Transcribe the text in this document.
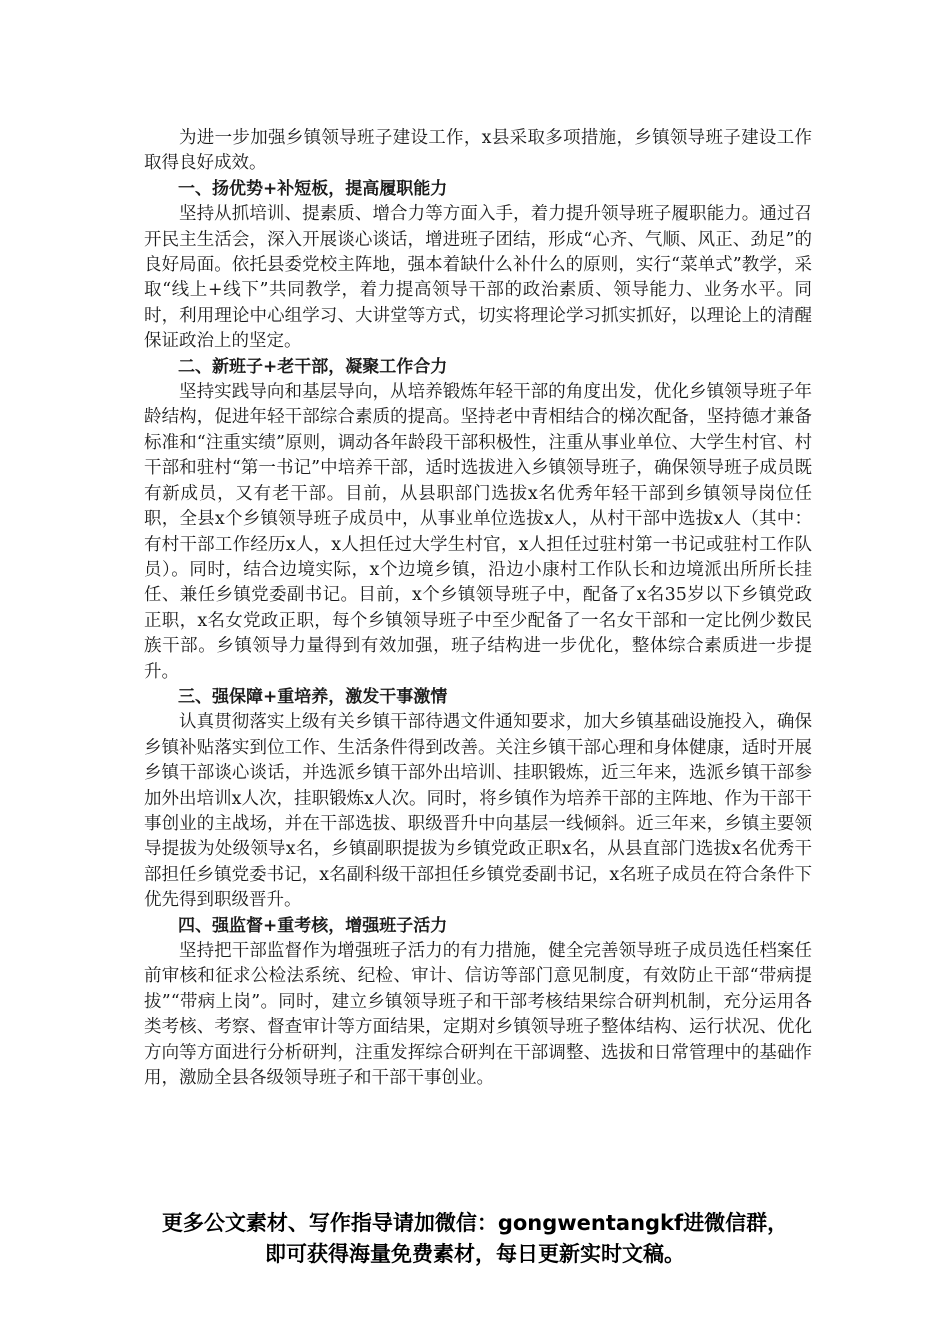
为进一步加强乡镇领导班子建设工作，x县采取多项措施，乡镇领导班子建设工作取得良好成效。

一、扬优势+补短板，提高履职能力

坚持从抓培训、提素质、增合力等方面入手，着力提升领导班子履职能力。通过召开民主生活会，深入开展谈心谈话，增进班子团结，形成“心齐、气顺、风正、劲足”的良好局面。依托县委党校主阵地，强本着缺什么补什么的原则，实行“菜单式”教学，采取“线上+线下”共同教学，着力提高领导干部的政治素质、领导能力、业务水平。同时，利用理论中心组学习、大讲堂等方式，切实将理论学习抓实抓好，以理论上的清醒保证政治上的坚定。

二、新班子+老干部，凝聚工作合力

坚持实践导向和基层导向，从培养锻炼年轻干部的角度出发，优化乡镇领导班子年龄结构，促进年轻干部综合素质的提高。坚持老中青相结合的梯次配备，坚持德才兼备标准和“注重实绩”原则，调动各年龄段干部积极性，注重从事业单位、大学生村官、村干部和驻村“第一书记”中培养干部，适时选拔进入乡镇领导班子，确保领导班子成员既有新成员，又有老干部。目前，从县职部门选拔x名优秀年轻干部到乡镇领导岗位任职，全县x个乡镇领导班子成员中，从事业单位选拔x人，从村干部中选拔x人（其中：有村干部工作经历x人，x人担任过大学生村官，x人担任过驻村第一书记或驻村工作队员）。同时，结合边境实际，x个边境乡镇，沿边小康村工作队长和边境派出所所长挂任、兼任乡镇党委副书记。目前，x个乡镇领导班子中，配备了x名35岁以下乡镇党政正职，x名女党政正职，每个乡镇领导班子中至少配备了一名女干部和一定比例少数民族干部。乡镇领导力量得到有效加强，班子结构进一步优化，整体综合素质进一步提升。

三、强保障+重培养，激发干事激情

认真贯彻落实上级有关乡镇干部待遇文件通知要求，加大乡镇基础设施投入，确保乡镇补贴落实到位工作、生活条件得到改善。关注乡镇干部心理和身体健康，适时开展乡镇干部谈心谈话，并选派乡镇干部外出培训、挂职锻炼，近三年来，选派乡镇干部参加外出培训x人次，挂职锻炼x人次。同时，将乡镇作为培养干部的主阵地、作为干部干事创业的主战场，并在干部选拔、职级晋升中向基层一线倾斜。近三年来，乡镇主要领导提拔为处级领导x名，乡镇副职提拔为乡镇党政正职x名，从县直部门选拔x名优秀干部担任乡镇党委书记，x名副科级干部担任乡镇党委副书记，x名班子成员在符合条件下优先得到职级晋升。

四、强监督+重考核，增强班子活力

坚持把干部监督作为增强班子活力的有力措施，健全完善领导班子成员选任档案任前审核和征求公检法系统、纪检、审计、信访等部门意见制度，有效防止干部“带病提拔”“带病上岗”。同时，建立乡镇领导班子和干部考核结果综合研判机制，充分运用各类考核、考察、督查审计等方面结果，定期对乡镇领导班子整体结构、运行状况、优化方向等方面进行分析研判，注重发挥综合研判在干部调整、选拔和日常管理中的基础作用，激励全县各级领导班子和干部干事创业。

更多公文素材、写作指导请加微信：gongwentangkf进微信群，

即可获得海量免费素材，每日更新实时文稿。
